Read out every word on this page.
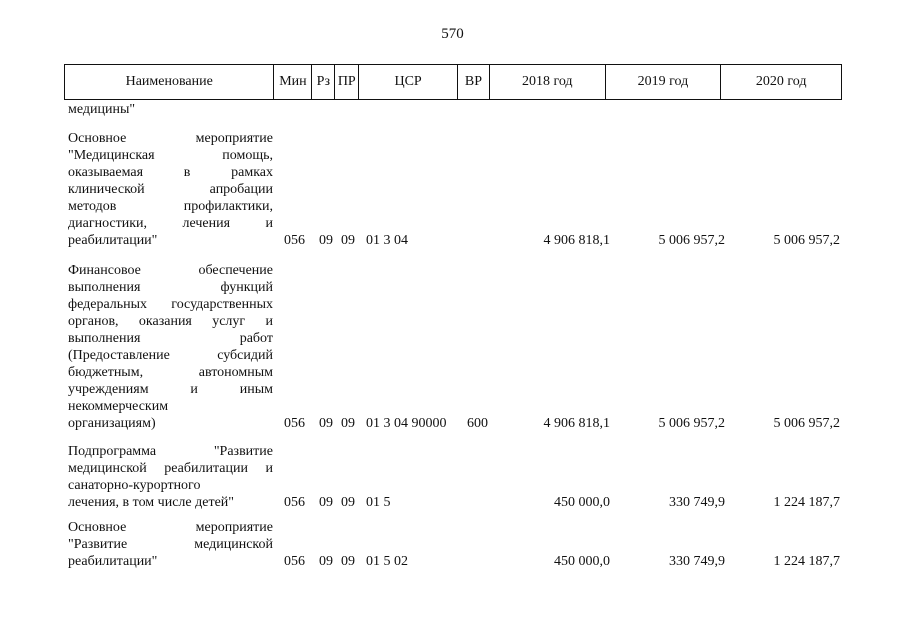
570
Наименование	Мин Рз ПР	ЦСР	ВР	2018 год	2019 год	2020 год
медицины"
Основное мероприятие
"Медицинская помощь,
оказываемая в рамках
клинической апробации
методов профилактики,
диагностики, лечения и
реабилитации"	056 09 09 01 3 04	4 906 818,1	5 006 957,2	5 006 957,2
Финансовое обеспечение
выполнения функций
федеральных государственных
органов, оказания услуг и
выполнения работ
(Предоставление субсидий
бюджетным, автономным
учреждениям и иным
некоммерческим
организациям)	056 09 09 01 3 04 90000 600	4 906 818,1	5 006 957,2	5 006 957,2
Подпрограмма "Развитие
медицинской реабилитации и
санаторно-курортного
лечения, в том числе детей"	056 09 09 01 5	450 000,0	330 749,9	1 224 187,7
Основное мероприятие
"Развитие медицинской
реабилитации"	056 09 09 01 5 02	450 000,0	330 749,9	1 224 187,7
